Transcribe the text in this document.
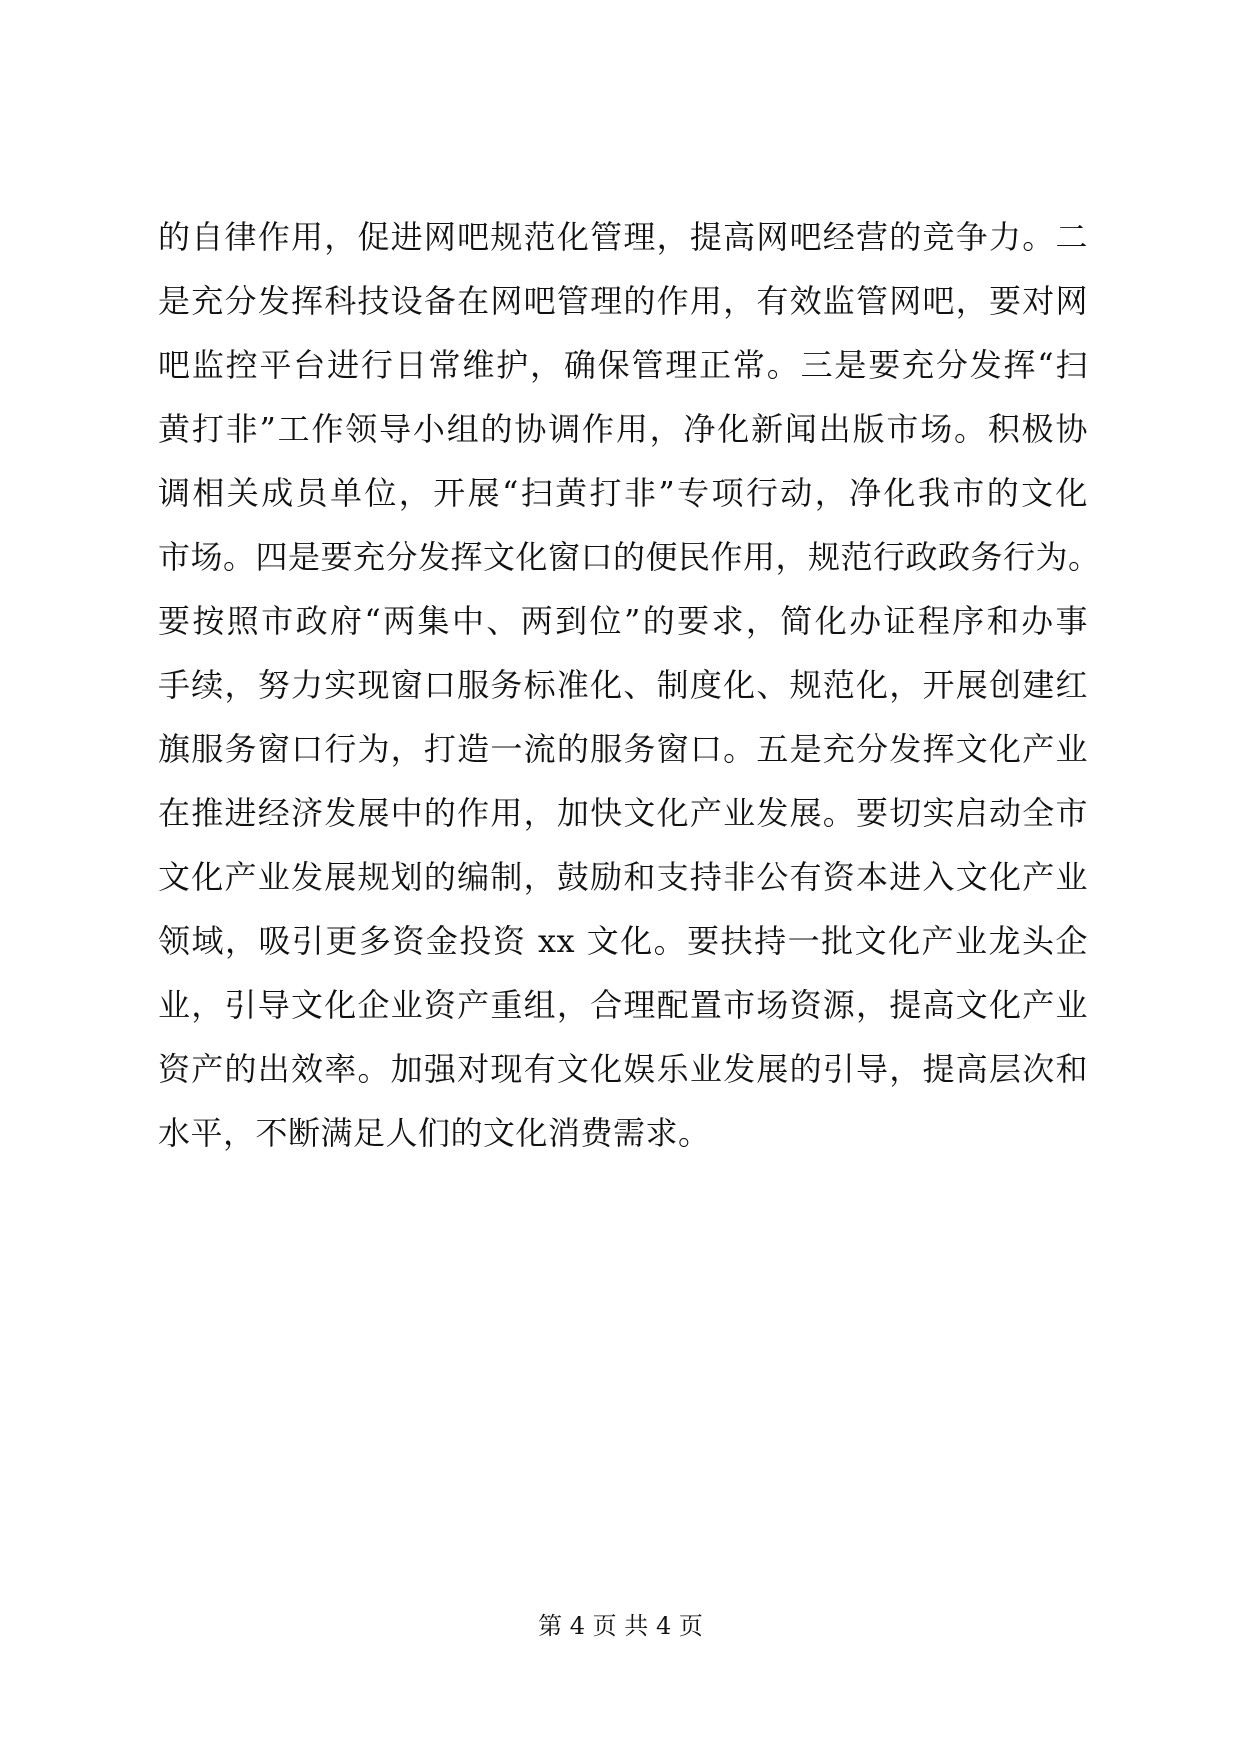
的自律作用，促进网吧规范化管理，提高网吧经营的竞争力。二
是充分发挥科技设备在网吧管理的作用，有效监管网吧，要对网
吧监控平台进行日常维护，确保管理正常。三是要充分发挥“扫
黄打非”工作领导小组的协调作用，净化新闻出版市场。积极协
调相关成员单位，开展“扫黄打非”专项行动，净化我市的文化
市场。四是要充分发挥文化窗口的便民作用，规范行政政务行为。
要按照市政府“两集中、两到位”的要求，简化办证程序和办事
手续，努力实现窗口服务标准化、制度化、规范化，开展创建红
旗服务窗口行为，打造一流的服务窗口。五是充分发挥文化产业
在推进经济发展中的作用，加快文化产业发展。要切实启动全市
文化产业发展规划的编制，鼓励和支持非公有资本进入文化产业
领域，吸引更多资金投资 xx 文化。要扶持一批文化产业龙头企
业，引导文化企业资产重组，合理配置市场资源，提高文化产业
资产的出效率。加强对现有文化娱乐业发展的引导，提高层次和
水平，不断满足人们的文化消费需求。
第 4 页 共 4 页
